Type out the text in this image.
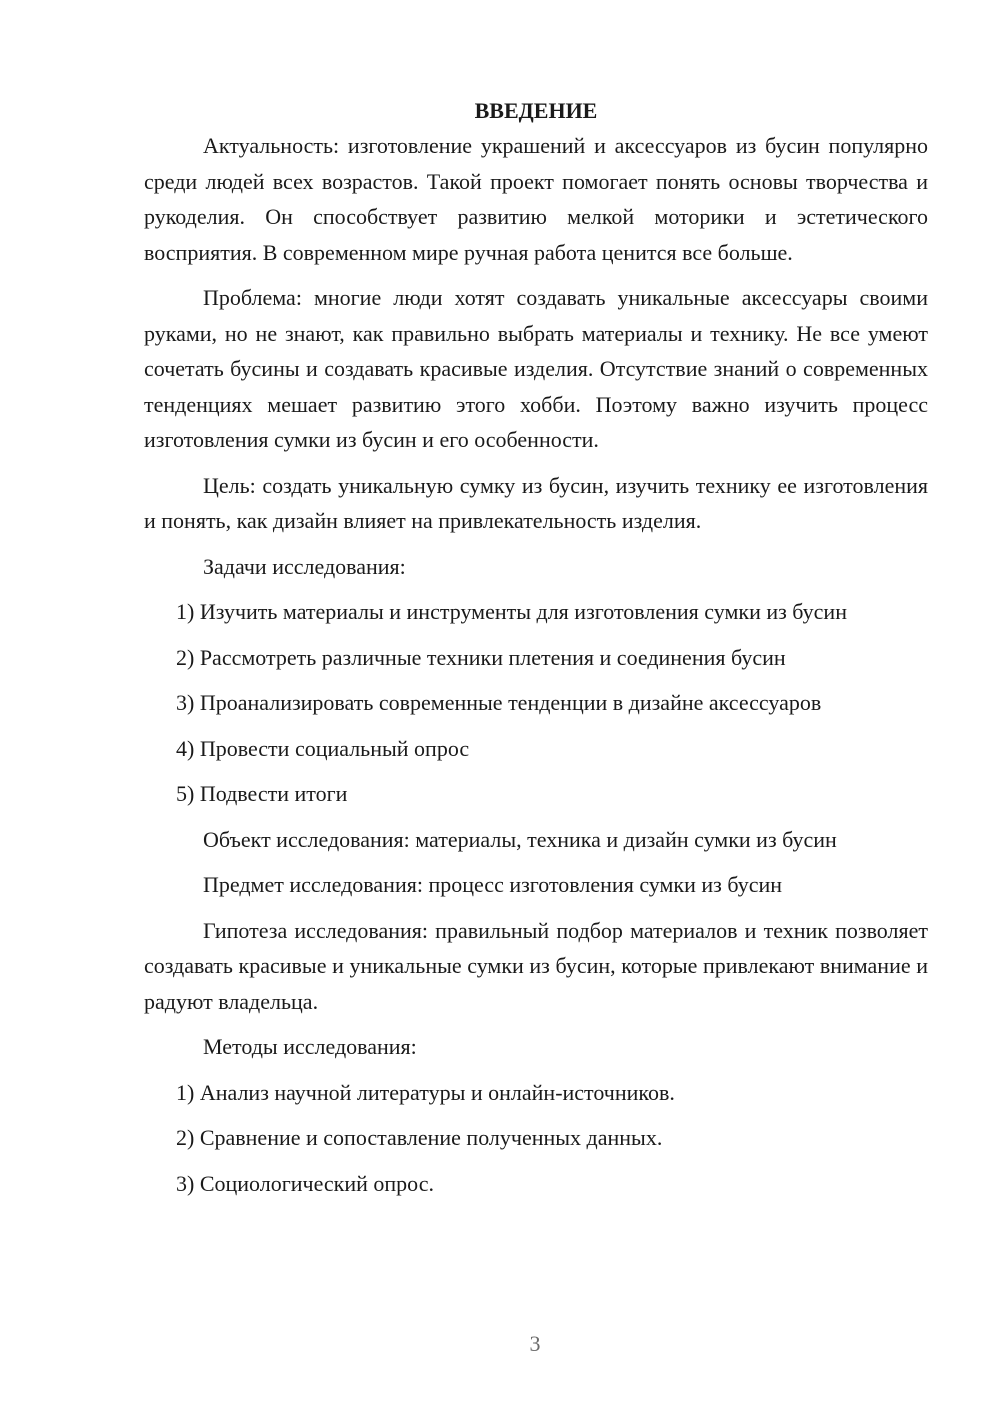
ВВЕДЕНИЕ

Актуальность: изготовление украшений и аксессуаров из бусин популярно среди людей всех возрастов. Такой проект помогает понять основы творчества и рукоделия. Он способствует развитию мелкой моторики и эстетического восприятия. В современном мире ручная работа ценится все больше.

Проблема: многие люди хотят создавать уникальные аксессуары своими руками, но не знают, как правильно выбрать материалы и технику. Не все умеют сочетать бусины и создавать красивые изделия. Отсутствие знаний о современных тенденциях мешает развитию этого хобби. Поэтому важно изучить процесс изготовления сумки из бусин и его особенности.

Цель: создать уникальную сумку из бусин, изучить технику ее изготовления и понять, как дизайн влияет на привлекательность изделия.

Задачи исследования:

1) Изучить материалы и инструменты для изготовления сумки из бусин

2) Рассмотреть различные техники плетения и соединения бусин

3) Проанализировать современные тенденции в дизайне аксессуаров

4) Провести социальный опрос

5) Подвести итоги

Объект исследования: материалы, техника и дизайн сумки из бусин

Предмет исследования: процесс изготовления сумки из бусин

Гипотеза исследования: правильный подбор материалов и техник позволяет создавать красивые и уникальные сумки из бусин, которые привлекают внимание и радуют владельца.

Методы исследования:

1) Анализ научной литературы и онлайн-источников.

2) Сравнение и сопоставление полученных данных.

3) Социологический опрос.

3
